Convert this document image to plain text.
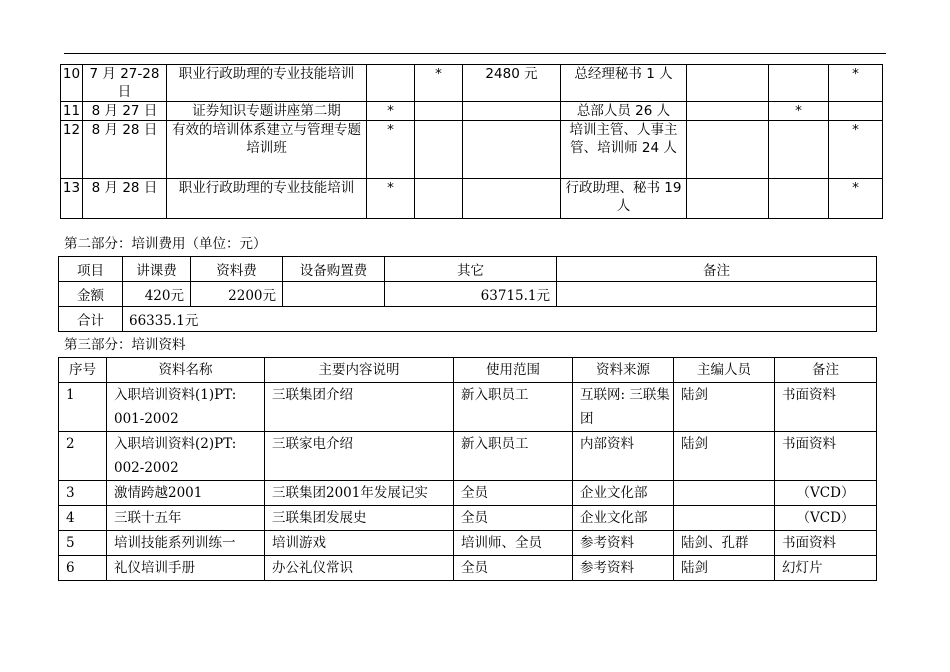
10	7 月 27-28 日	职业行政助理的专业技能培训		*	2480 元	总经理秘书 1 人			*
11	8 月 27 日	证券知识专题讲座第二期	*			总部人员 26 人		*	
12	8 月 28 日	有效的培训体系建立与管理专题培训班	*			培训主管、人事主管、培训师 24 人			*
13	8 月 28 日	职业行政助理的专业技能培训	*			行政助理、秘书 19 人			*
第二部分：培训费用（单位：元）
项目	讲课费	资料费	设备购置费	其它	备注
金额	420元	2200元		63715.1元	
合计	66335.1元				
第三部分：培训资料
序号	资料名称	主要内容说明	使用范围	资料来源	主编人员	备注
1	入职培训资料(1)PT: 001-2002	三联集团介绍	新入职员工	互联网: 三联集团	陆剑	书面资料
2	入职培训资料(2)PT: 002-2002	三联家电介绍	新入职员工	内部资料	陆剑	书面资料
3	激情跨越2001	三联集团2001年发展记实	全员	企业文化部		（VCD）
4	三联十五年	三联集团发展史	全员	企业文化部		（VCD）
5	培训技能系列训练一	培训游戏	培训师、全员	参考资料	陆剑、孔群	书面资料
6	礼仪培训手册	办公礼仪常识	全员	参考资料	陆剑	幻灯片
